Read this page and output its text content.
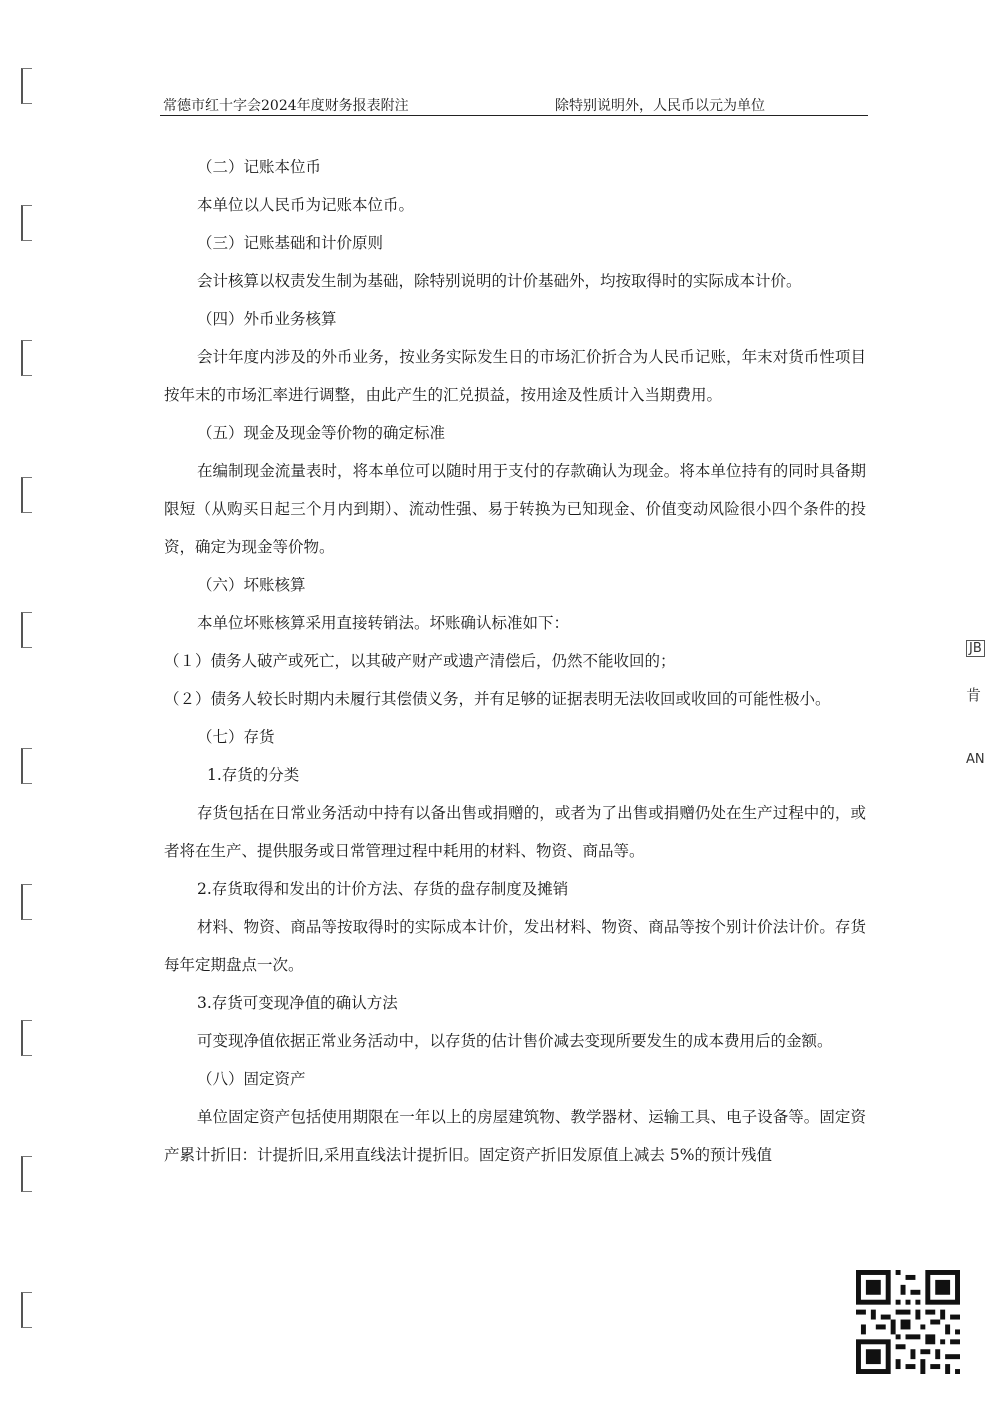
常德市红十字会2024年度财务报表附注	除特别说明外，人民币以元为单位

（二）记账本位币

本单位以人民币为记账本位币。

（三）记账基础和计价原则

会计核算以权责发生制为基础，除特别说明的计价基础外，均按取得时的实际成本计价。

（四）外币业务核算

会计年度内涉及的外币业务，按业务实际发生日的市场汇价折合为人民币记账，年末对货币性项目按年末的市场汇率进行调整，由此产生的汇兑损益，按用途及性质计入当期费用。

（五）现金及现金等价物的确定标准

在编制现金流量表时，将本单位可以随时用于支付的存款确认为现金。将本单位持有的同时具备期限短（从购买日起三个月内到期）、流动性强、易于转换为已知现金、价值变动风险很小四个条件的投资，确定为现金等价物。

（六）坏账核算

本单位坏账核算采用直接转销法。坏账确认标准如下：

（１）债务人破产或死亡，以其破产财产或遗产清偿后，仍然不能收回的；

（２）债务人较长时期内未履行其偿债义务，并有足够的证据表明无法收回或收回的可能性极小。

（七）存货

1.存货的分类

存货包括在日常业务活动中持有以备出售或捐赠的，或者为了出售或捐赠仍处在生产过程中的，或者将在生产、提供服务或日常管理过程中耗用的材料、物资、商品等。

2.存货取得和发出的计价方法、存货的盘存制度及摊销

材料、物资、商品等按取得时的实际成本计价，发出材料、物资、商品等按个别计价法计价。存货每年定期盘点一次。

3.存货可变现净值的确认方法

可变现净值依据正常业务活动中，以存货的估计售价减去变现所要发生的成本费用后的金额。

（八）固定资产

单位固定资产包括使用期限在一年以上的房屋建筑物、教学器材、运输工具、电子设备等。固定资产累计折旧：计提折旧,采用直线法计提折旧。固定资产折旧发原值上减去 5%的预计残值

JB
肯
AN
